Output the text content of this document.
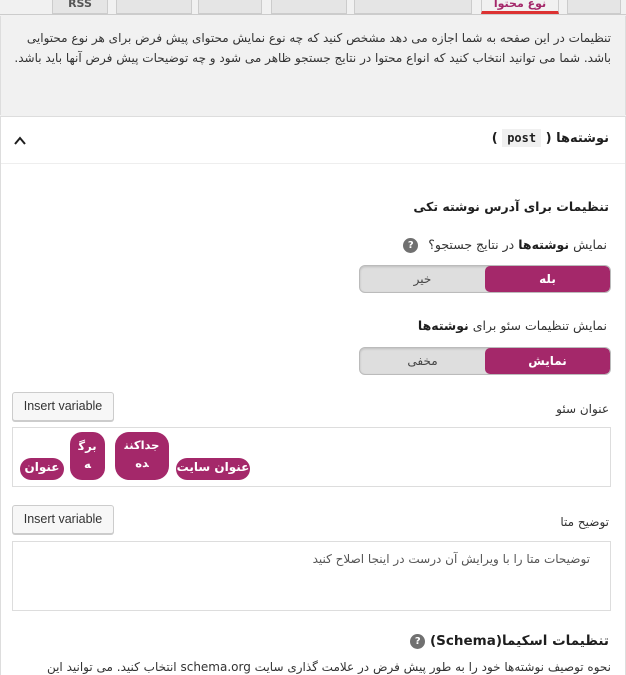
RSS	نوع محتوا

تنظیمات در این صفحه به شما اجازه می دهد مشخص کنید که چه نوع نمایش محتوای پیش فرض برای هر نوع محتوایی باشد. شما می توانید انتخاب کنید که انواع محتوا در نتایج جستجو ظاهر می شود و چه توضیحات پیش فرض آنها باید باشد.

نوشته‌ها ( post )
تنظیمات برای آدرس نوشته تکی
نمایش نوشته‌ها در نتایج جستجو؟ ?
بله
خیر
نمایش تنظیمات سئو برای نوشته‌ها
نمایش
مخفی
Insert variable	عنوان سئو
عنوان
برگه
جداکننده	عنوان سایت
Insert variable	توضیح متا
توضیحات متا را با ویرایش آن درست در اینجا اصلاح کنید
تنظیمات اسکیما(Schema) ?
نحوه توصیف نوشته‌ها خود را به طور پیش فرض در علامت گذاری سایت schema.org انتخاب کنید. می توانید این
